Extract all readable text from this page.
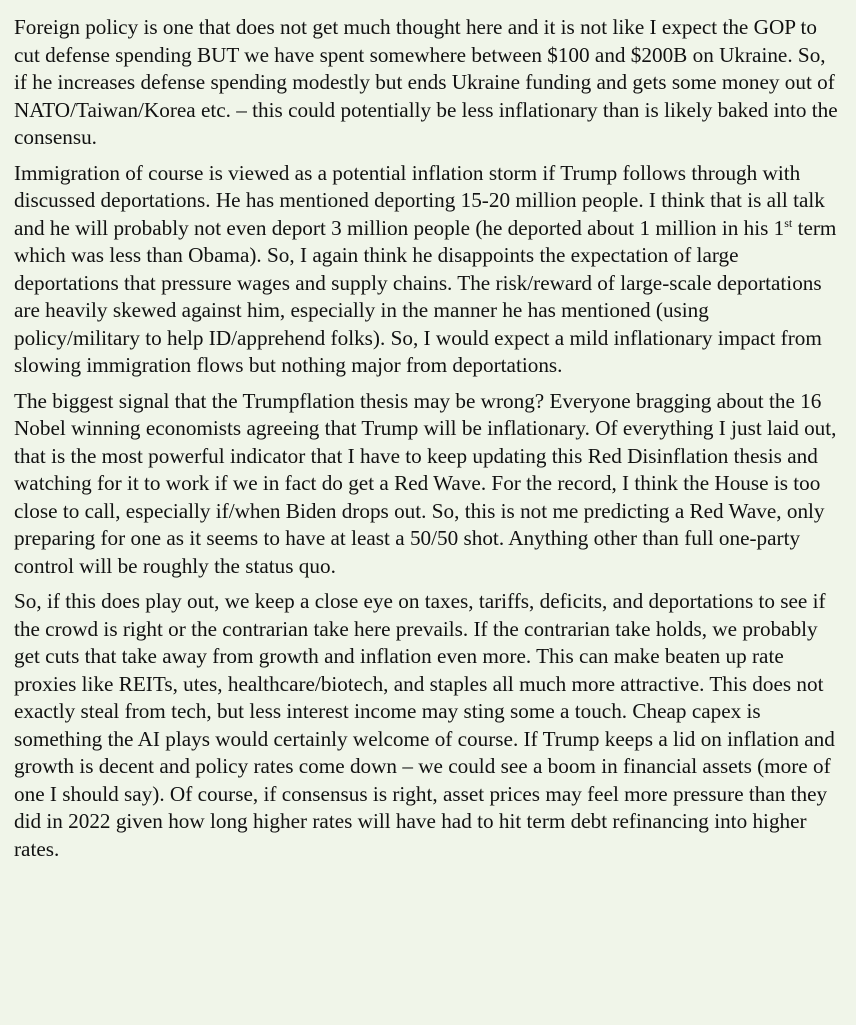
Foreign policy is one that does not get much thought here and it is not like I expect the GOP to cut defense spending BUT we have spent somewhere between $100 and $200B on Ukraine. So, if he increases defense spending modestly but ends Ukraine funding and gets some money out of NATO/Taiwan/Korea etc. – this could potentially be less inflationary than is likely baked into the consensu.

Immigration of course is viewed as a potential inflation storm if Trump follows through with discussed deportations. He has mentioned deporting 15-20 million people. I think that is all talk and he will probably not even deport 3 million people (he deported about 1 million in his 1st term which was less than Obama). So, I again think he disappoints the expectation of large deportations that pressure wages and supply chains. The risk/reward of large-scale deportations are heavily skewed against him, especially in the manner he has mentioned (using policy/military to help ID/apprehend folks). So, I would expect a mild inflationary impact from slowing immigration flows but nothing major from deportations.

The biggest signal that the Trumpflation thesis may be wrong? Everyone bragging about the 16 Nobel winning economists agreeing that Trump will be inflationary. Of everything I just laid out, that is the most powerful indicator that I have to keep updating this Red Disinflation thesis and watching for it to work if we in fact do get a Red Wave. For the record, I think the House is too close to call, especially if/when Biden drops out. So, this is not me predicting a Red Wave, only preparing for one as it seems to have at least a 50/50 shot. Anything other than full one-party control will be roughly the status quo.

So, if this does play out, we keep a close eye on taxes, tariffs, deficits, and deportations to see if the crowd is right or the contrarian take here prevails. If the contrarian take holds, we probably get cuts that take away from growth and inflation even more. This can make beaten up rate proxies like REITs, utes, healthcare/biotech, and staples all much more attractive. This does not exactly steal from tech, but less interest income may sting some a touch. Cheap capex is something the AI plays would certainly welcome of course. If Trump keeps a lid on inflation and growth is decent and policy rates come down – we could see a boom in financial assets (more of one I should say). Of course, if consensus is right, asset prices may feel more pressure than they did in 2022 given how long higher rates will have had to hit term debt refinancing into higher rates.
